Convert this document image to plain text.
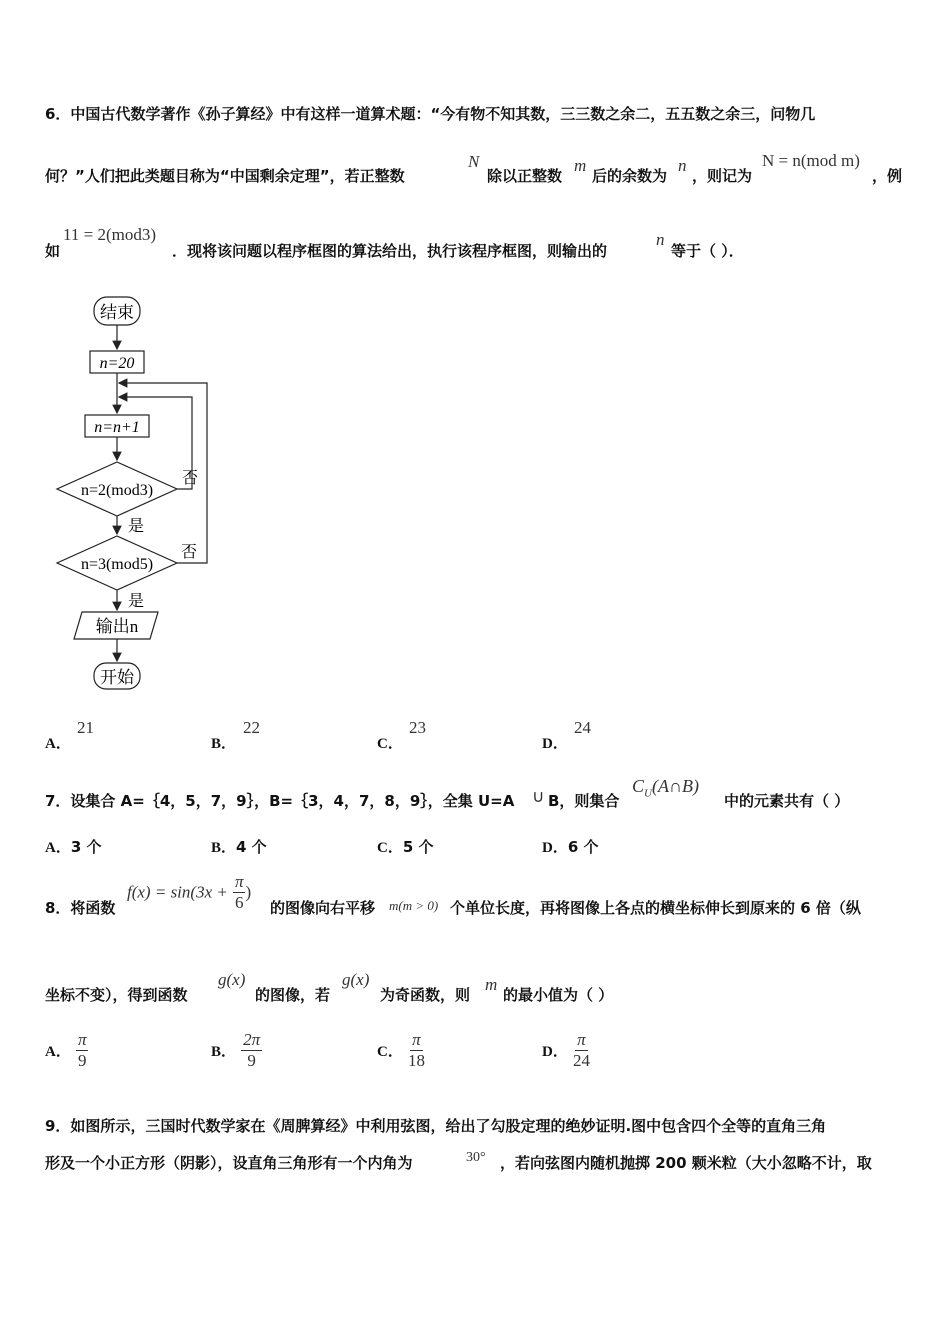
6．中国古代数学著作《孙子算经》中有这样一道算术题：“今有物不知其数，三三数之余二，五五数之余三，问物几
何？”人们把此类题目称为“中国剩余定理”，若正整数
N
除以正整数
m
后的余数为
n
，则记为
N = n(mod m)
，例
如
11 = 2(mod3)
．现将该问题以程序框图的算法给出，执行该程序框图，则输出的
n
等于（ ）．
结束
n=20
n=n+1
n=2(mod3)
否
是
n=3(mod5)
否
是
输出n
开始
A．
21
B．
22
C．
23
D．
24
7．设集合 A=｛4，5，7，9｝，B=｛3，4，7，8，9｝，全集 U=A ∪ B，则集合
$C_U(A\cap B)$
中的元素共有（ ）
A．3 个	B．4 个	C．5 个	D．6 个
8．将函数
$f(x) = \sin(3x + \frac{\pi}{6}$ )
的图像向右平移 m(m > 0) 个单位长度，再将图像上各点的横坐标伸长到原来的 6 倍（纵
坐标不变），得到函数
g(x)
的图像，若
g(x)
为奇函数，则
m
的最小值为（ ）
A． $\frac{\pi}{9}$	B． $\frac{2\pi}{9}$	C． $\frac{\pi}{18}$	D． $\frac{\pi}{24}$
9．如图所示，三国时代数学家在《周脾算经》中利用弦图，给出了勾股定理的绝妙证明.图中包含四个全等的直角三角
形及一个小正方形（阴影），设直角三角形有一个内角为	30° ，若向弦图内随机抛掷 200 颗米粒（大小忽略不计，取
